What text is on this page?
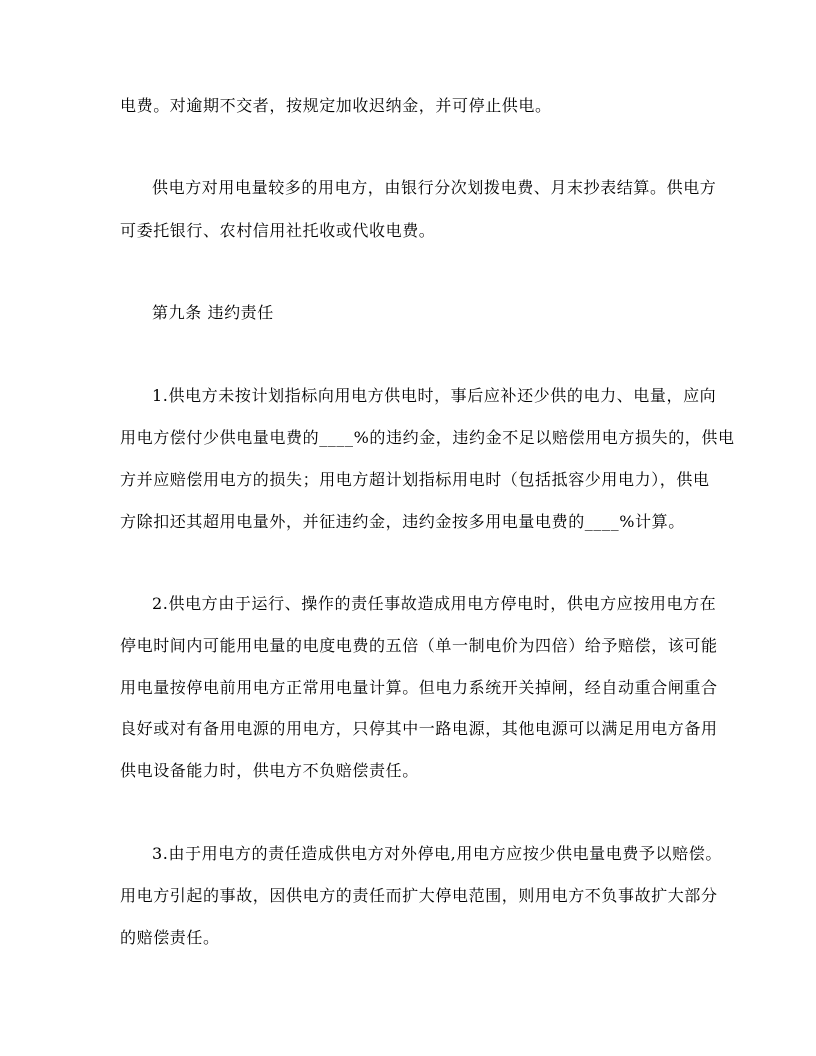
电费。对逾期不交者，按规定加收迟纳金，并可停止供电。
供电方对用电量较多的用电方，由银行分次划拨电费、月末抄表结算。供电方
可委托银行、农村信用社托收或代收电费。
第九条 违约责任
1.供电方未按计划指标向用电方供电时，事后应补还少供的电力、电量，应向
用电方偿付少供电量电费的____%的违约金，违约金不足以赔偿用电方损失的，供电
方并应赔偿用电方的损失；用电方超计划指标用电时（包括抵容少用电力），供电
方除扣还其超用电量外，并征违约金，违约金按多用电量电费的____%计算。
2.供电方由于运行、操作的责任事故造成用电方停电时，供电方应按用电方在
停电时间内可能用电量的电度电费的五倍（单一制电价为四倍）给予赔偿，该可能
用电量按停电前用电方正常用电量计算。但电力系统开关掉闸，经自动重合闸重合
良好或对有备用电源的用电方，只停其中一路电源，其他电源可以满足用电方备用
供电设备能力时，供电方不负赔偿责任。
3.由于用电方的责任造成供电方对外停电,用电方应按少供电量电费予以赔偿。
用电方引起的事故，因供电方的责任而扩大停电范围，则用电方不负事故扩大部分
的赔偿责任。
